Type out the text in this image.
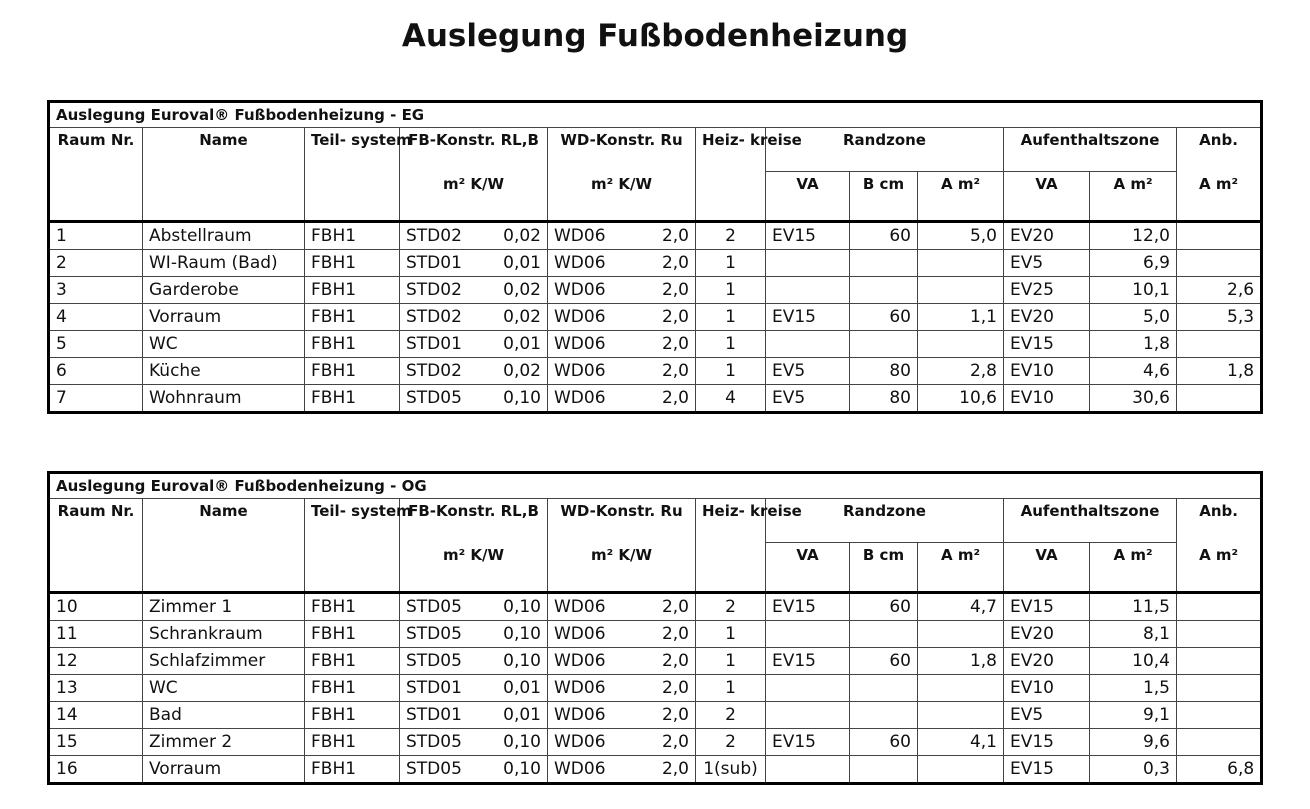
Auslegung Fußbodenheizung
Auslegung Euroval® Fußbodenheizung - EG													
Raum Nr.	Name	Teil- system	FB-Konstr. RL,B		WD-Konstr. Ru		Heiz- kreise	Randzone			Aufenthaltszone		Anb.
			m² K/W		m² K/W			VA	B cm	A m²	VA	A m²	A m²
1	Abstellraum	FBH1	STD02	0,02	WD06	2,0	2	EV15	60	5,0	EV20	12,0	
2	WI-Raum (Bad)	FBH1	STD01	0,01	WD06	2,0	1				EV5	6,9	
3	Garderobe	FBH1	STD02	0,02	WD06	2,0	1				EV25	10,1	2,6
4	Vorraum	FBH1	STD02	0,02	WD06	2,0	1	EV15	60	1,1	EV20	5,0	5,3
5	WC	FBH1	STD01	0,01	WD06	2,0	1				EV15	1,8	
6	Küche	FBH1	STD02	0,02	WD06	2,0	1	EV5	80	2,8	EV10	4,6	1,8
7	Wohnraum	FBH1	STD05	0,10	WD06	2,0	4	EV5	80	10,6	EV10	30,6	
Auslegung Euroval® Fußbodenheizung - OG													
Raum Nr.	Name	Teil- system	FB-Konstr. RL,B		WD-Konstr. Ru		Heiz- kreise	Randzone			Aufenthaltszone		Anb.
			m² K/W		m² K/W			VA	B cm	A m²	VA	A m²	A m²
10	Zimmer 1	FBH1	STD05	0,10	WD06	2,0	2	EV15	60	4,7	EV15	11,5	
11	Schrankraum	FBH1	STD05	0,10	WD06	2,0	1				EV20	8,1	
12	Schlafzimmer	FBH1	STD05	0,10	WD06	2,0	1	EV15	60	1,8	EV20	10,4	
13	WC	FBH1	STD01	0,01	WD06	2,0	1				EV10	1,5	
14	Bad	FBH1	STD01	0,01	WD06	2,0	2				EV5	9,1	
15	Zimmer 2	FBH1	STD05	0,10	WD06	2,0	2	EV15	60	4,1	EV15	9,6	
16	Vorraum	FBH1	STD05	0,10	WD06	2,0	1(sub)				EV15	0,3	6,8
